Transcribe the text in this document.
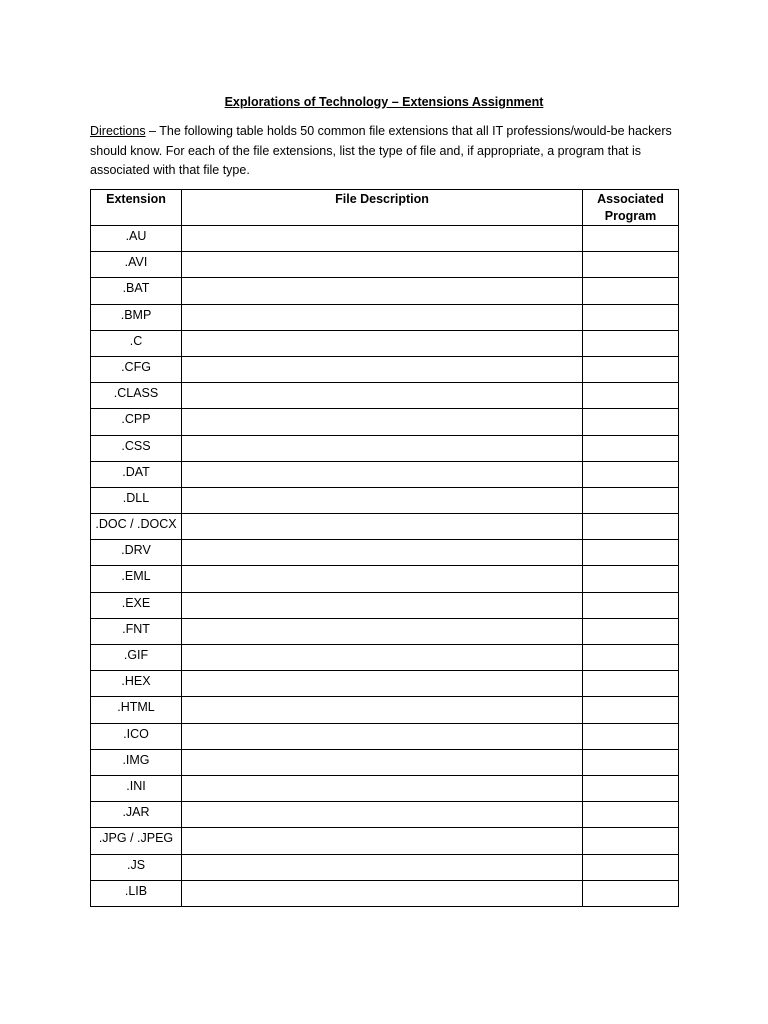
Explorations of Technology – Extensions Assignment
Directions – The following table holds 50 common file extensions that all IT professions/would-be hackers should know. For each of the file extensions, list the type of file and, if appropriate, a program that is associated with that file type.
Extension	File Description	Associated
Program
.AU		
.AVI		
.BAT		
.BMP		
.C		
.CFG		
.CLASS		
.CPP		
.CSS		
.DAT		
.DLL		
.DOC / .DOCX		
.DRV		
.EML		
.EXE		
.FNT		
.GIF		
.HEX		
.HTML		
.ICO		
.IMG		
.INI		
.JAR		
.JPG / .JPEG		
.JS		
.LIB		
